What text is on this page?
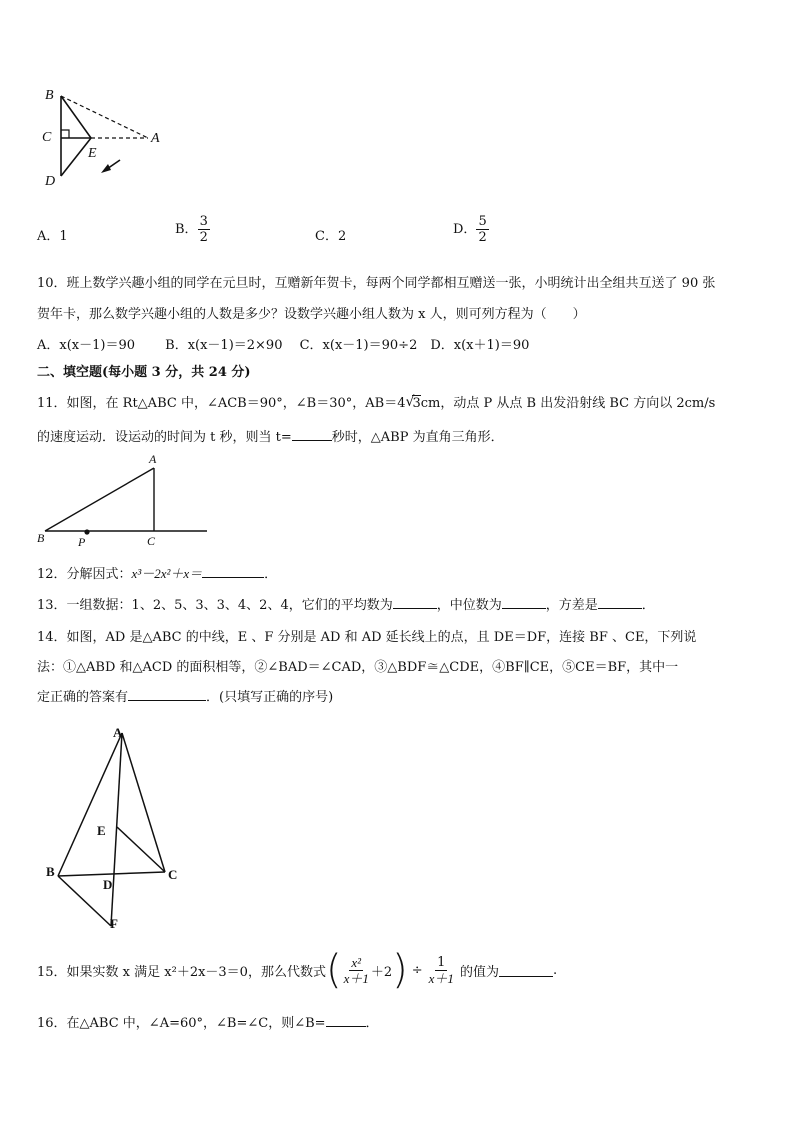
B
C	A
E
D
A．1	B． $\frac{3}{2}$	C．2	D． $\frac{5}{2}$
10．班上数学兴趣小组的同学在元旦时，互赠新年贺卡，每两个同学都相互赠送一张，小明统计出全组共互送了 90 张
贺年卡，那么数学兴趣小组的人数是多少？设数学兴趣小组人数为 x 人，则可列方程为（　　）
A．x(x－1)＝90　　 B．x(x－1)＝2×90　 C．x(x－1)＝90÷2　D．x(x＋1)＝90
二、填空题(每小题 3 分，共 24 分)
11．如图，在 Rt△ABC 中，∠ACB＝90°，∠B＝30°，AB＝4 √
3cm，动点 P 从点 B 出发沿射线 BC 方向以 2cm/s
的速度运动．设运动的时间为 t 秒，则当 t=	秒时，△ABP 为直角三角形．
A
B	P	C
12．分解因式：x³－2x²＋x＝	．
13．一组数据：1、2、5、3、3、4、2、4，它们的平均数为	，中位数为	，方差是	．
14．如图，AD 是△ABC 的中线，E 、F 分别是 AD 和 AD 延长线上的点，且 DE＝DF，连接 BF 、CE，下列说
法：①△ABD 和△ACD 的面积相等，②∠BAD＝∠CAD，③△BDF≅△CDE，④BF∥CE，⑤CE＝BF，其中一
定正确的答案有	．(只填写正确的序号)
A
E
B
D
C
F
15．如果实数 x 满足 x²＋2x－3＝0，那么代数式 ( $\frac{\text{x²}}{x+1} +2$ ) ÷ $\frac{1}{x+1}$ 的值为	.
16．在△ABC 中，∠A=60°，∠B=∠C，则∠B=	．
